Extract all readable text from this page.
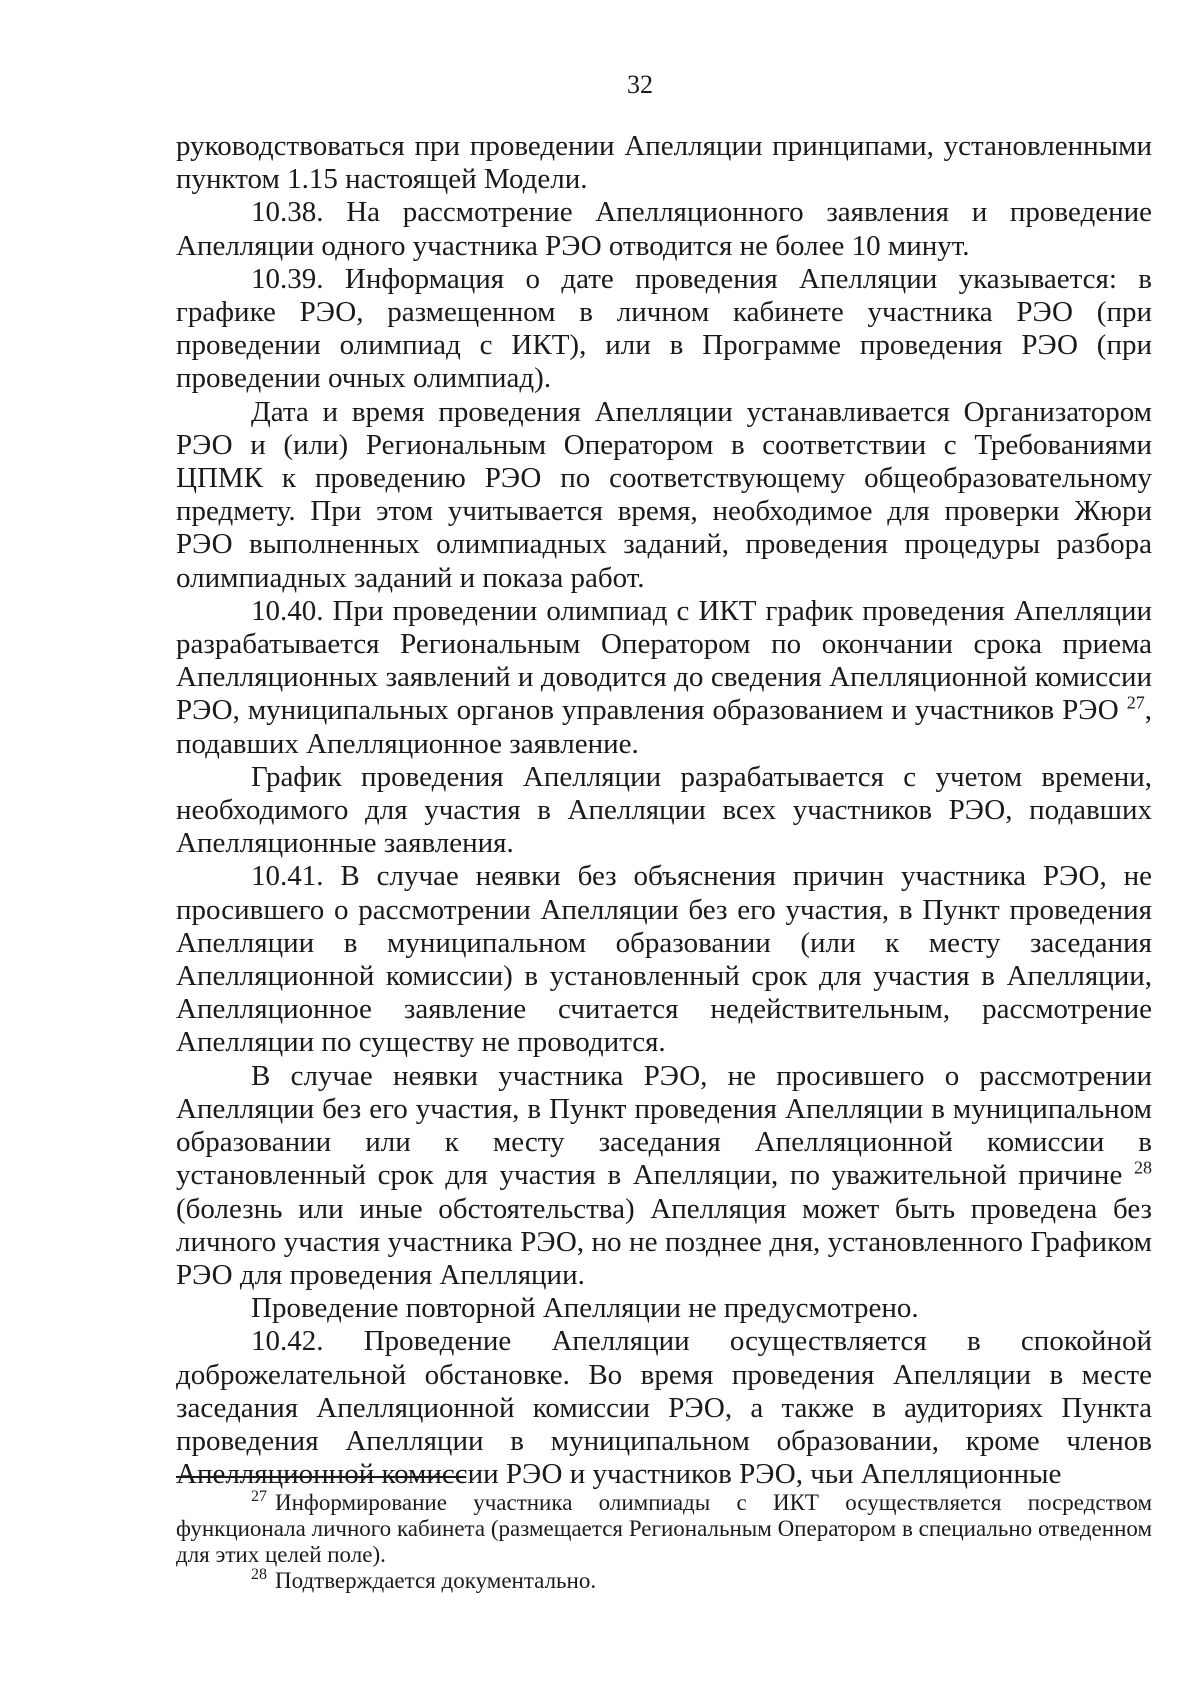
32

руководствоваться при проведении Апелляции принципами, установленными пунктом 1.15 настоящей Модели.

10.38. На рассмотрение Апелляционного заявления и проведение Апелляции одного участника РЭО отводится не более 10 минут.

10.39. Информация о дате проведения Апелляции указывается: в графике РЭО, размещенном в личном кабинете участника РЭО (при проведении олимпиад с ИКТ), или в Программе проведения РЭО (при проведении очных олимпиад).

Дата и время проведения Апелляции устанавливается Организатором РЭО и (или) Региональным Оператором в соответствии с Требованиями ЦПМК к проведению РЭО по соответствующему общеобразовательному предмету. При этом учитывается время, необходимое для проверки Жюри РЭО выполненных олимпиадных заданий, проведения процедуры разбора олимпиадных заданий и показа работ.

10.40. При проведении олимпиад с ИКТ график проведения Апелляции разрабатывается Региональным Оператором по окончании срока приема Апелляционных заявлений и доводится до сведения Апелляционной комиссии РЭО, муниципальных органов управления образованием и участников РЭО $^{27}$, подавших Апелляционное заявление.

График проведения Апелляции разрабатывается с учетом времени, необходимого для участия в Апелляции всех участников РЭО, подавших Апелляционные заявления.

10.41. В случае неявки без объяснения причин участника РЭО, не просившего о рассмотрении Апелляции без его участия, в Пункт проведения Апелляции в муниципальном образовании (или к месту заседания Апелляционной комиссии) в установленный срок для участия в Апелляции, Апелляционное заявление считается недействительным, рассмотрение Апелляции по существу не проводится.

В случае неявки участника РЭО, не просившего о рассмотрении Апелляции без его участия, в Пункт проведения Апелляции в муниципальном образовании или к месту заседания Апелляционной комиссии в установленный срок для участия в Апелляции, по уважительной причине $^{28}$ (болезнь или иные обстоятельства) Апелляция может быть проведена без личного участия участника РЭО, но не позднее дня, установленного Графиком РЭО для проведения Апелляции.

Проведение повторной Апелляции не предусмотрено.

10.42. Проведение Апелляции осуществляется в спокойной доброжелательной обстановке. Во время проведения Апелляции в месте заседания Апелляционной комиссии РЭО, а также в аудиториях Пункта проведения Апелляции в муниципальном образовании, кроме членов Апелляционной комиссии РЭО и участников РЭО, чьи Апелляционные

$^{27}$ Информирование участника олимпиады с ИКТ осуществляется посредством функционала личного кабинета (размещается Региональным Оператором в специально отведенном для этих целей поле).

$^{28}$ Подтверждается документально.
